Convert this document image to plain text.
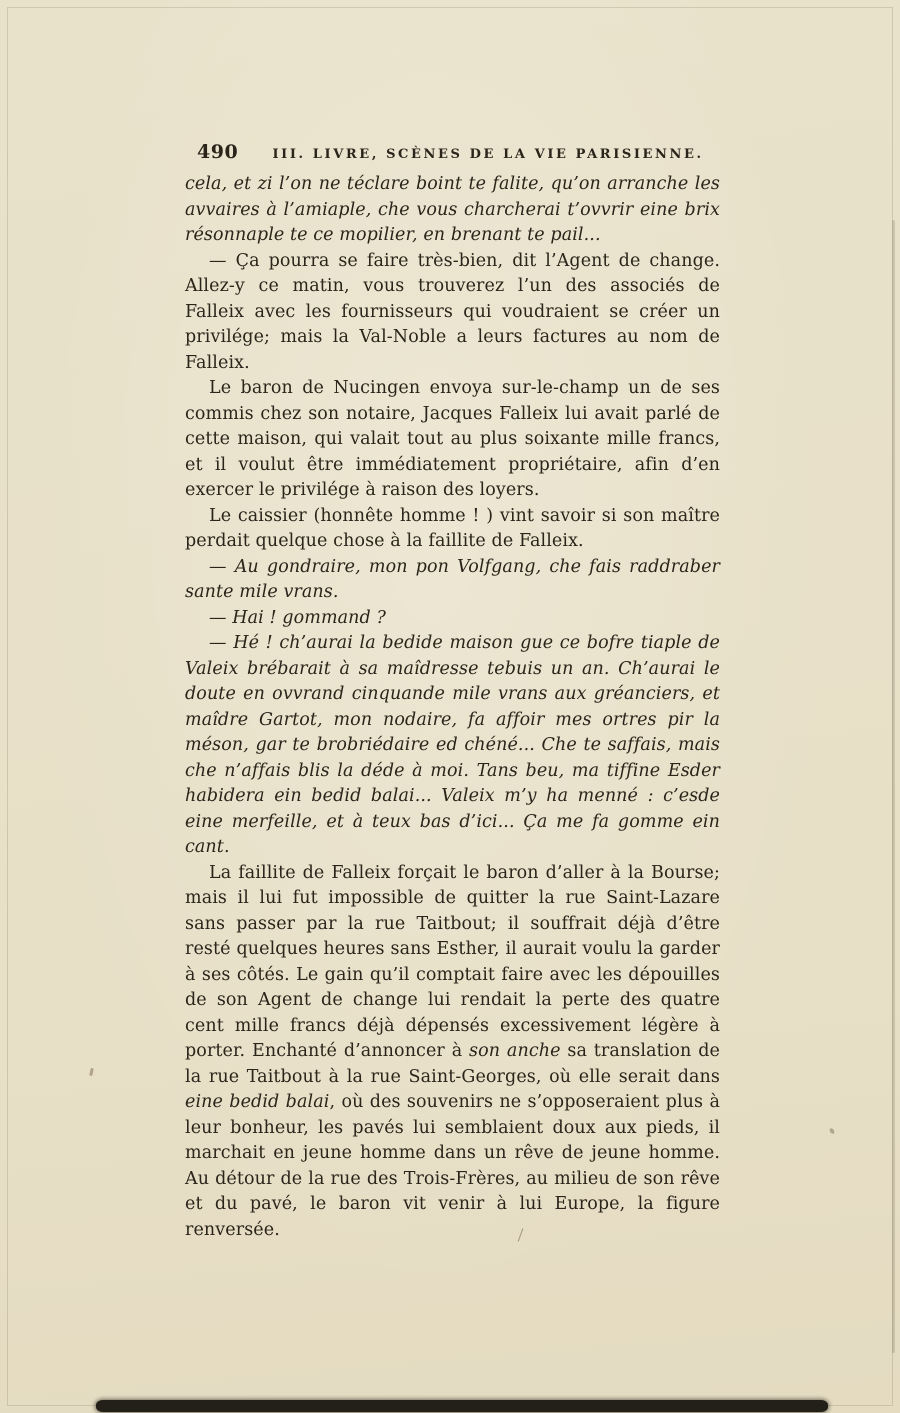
490	III. LIVRE, SCÈNES DE LA VIE PARISIENNE.

cela, et zi l’on ne téclare boint te falite, qu’on arranche les avvaires à l’amiaple, che vous charcherai t’ovvrir eine brix résonnaple te ce mopilier, en brenant te pail...

— Ça pourra se faire très-bien, dit l’Agent de change. Allez-y ce matin, vous trouverez l’un des associés de Falleix avec les fournisseurs qui voudraient se créer un privilége; mais la Val-Noble a leurs factures au nom de Falleix.

Le baron de Nucingen envoya sur-le-champ un de ses commis chez son notaire, Jacques Falleix lui avait parlé de cette maison, qui valait tout au plus soixante mille francs, et il voulut être immédiatement propriétaire, afin d’en exercer le privilége à raison des loyers.

Le caissier (honnête homme ! ) vint savoir si son maître perdait quelque chose à la faillite de Falleix.

— Au gondraire, mon pon Volfgang, che fais raddraber sante mile vrans.

— Hai ! gommand ?

— Hé ! ch’aurai la bedide maison gue ce bofre tiaple de Valeix brébarait à sa maîdresse tebuis un an. Ch’aurai le doute en ovvrand cinquande mile vrans aux gréanciers, et maîdre Gartot, mon nodaire, fa affoir mes ortres pir la méson, gar te brobriédaire ed chéné... Che te saffais, mais che n’affais blis la déde à moi. Tans beu, ma tiffine Esder habidera ein bedid balai... Valeix m’y ha menné : c’esde eine merfeille, et à teux bas d’ici... Ça me fa gomme ein cant.

La faillite de Falleix forçait le baron d’aller à la Bourse; mais il lui fut impossible de quitter la rue Saint-Lazare sans passer par la rue Taitbout; il souffrait déjà d’être resté quelques heures sans Esther, il aurait voulu la garder à ses côtés. Le gain qu’il comptait faire avec les dépouilles de son Agent de change lui rendait la perte des quatre cent mille francs déjà dépensés excessivement légère à porter. Enchanté d’annoncer à son anche sa translation de la rue Taitbout à la rue Saint-Georges, où elle serait dans eine bedid balai, où des souvenirs ne s’opposeraient plus à leur bonheur, les pavés lui semblaient doux aux pieds, il marchait en jeune homme dans un rêve de jeune homme. Au détour de la rue des Trois-Frères, au milieu de son rêve et du pavé, le baron vit venir à lui Europe, la figure renversée.
